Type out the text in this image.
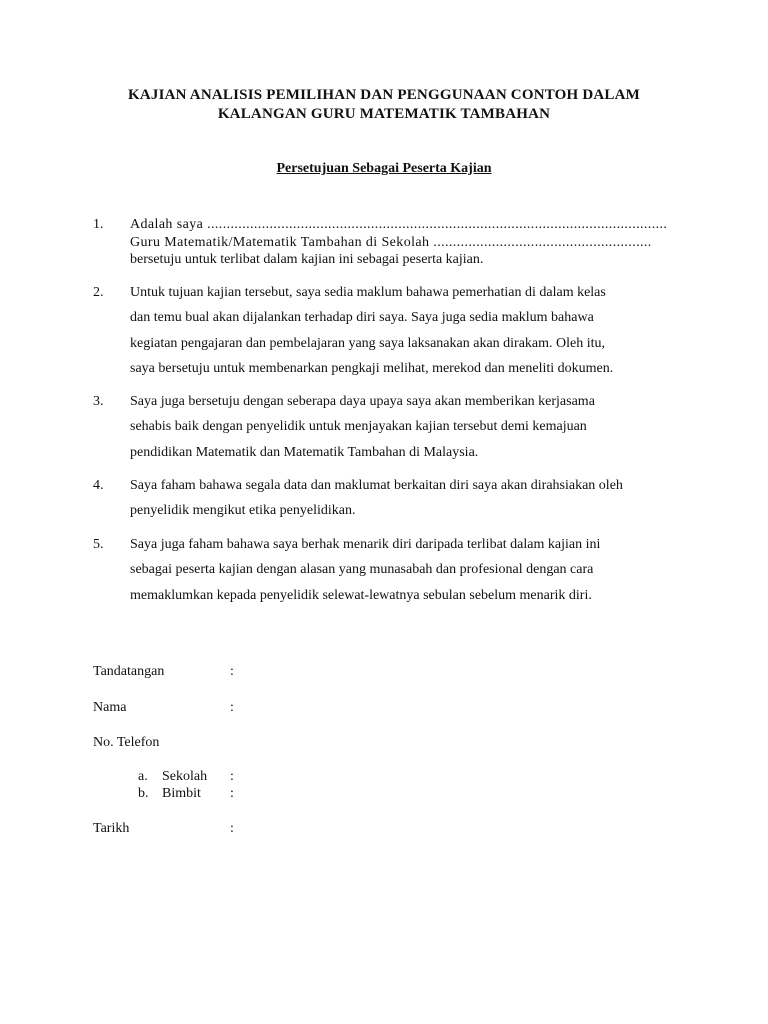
KAJIAN ANALISIS PEMILIHAN DAN PENGGUNAAN CONTOH DALAM
KALANGAN GURU MATEMATIK TAMBAHAN
Persetujuan Sebagai Peserta Kajian
1. Adalah saya ......................................................................................................................
Guru Matematik/Matematik Tambahan di Sekolah ........................................................
bersetuju untuk terlibat dalam kajian ini sebagai peserta kajian.
2. Untuk tujuan kajian tersebut, saya sedia maklum bahawa pemerhatian di dalam kelas
dan temu bual akan dijalankan terhadap diri saya. Saya juga sedia maklum bahawa
kegiatan pengajaran dan pembelajaran yang saya laksanakan akan dirakam. Oleh itu,
saya bersetuju untuk membenarkan pengkaji melihat, merekod dan meneliti dokumen.
3. Saya juga bersetuju dengan seberapa daya upaya saya akan memberikan kerjasama
sehabis baik dengan penyelidik untuk menjayakan kajian tersebut demi kemajuan
pendidikan Matematik dan Matematik Tambahan di Malaysia.
4. Saya faham bahawa segala data dan maklumat berkaitan diri saya akan dirahsiakan oleh
penyelidik mengikut etika penyelidikan.
5. Saya juga faham bahawa saya berhak menarik diri daripada terlibat dalam kajian ini
sebagai peserta kajian dengan alasan yang munasabah dan profesional dengan cara
memaklumkan kepada penyelidik selewat-lewatnya sebulan sebelum menarik diri.
Tandatangan	:
Nama	:
No. Telefon
a. Sekolah :
b. Bimbit :
Tarikh	:
